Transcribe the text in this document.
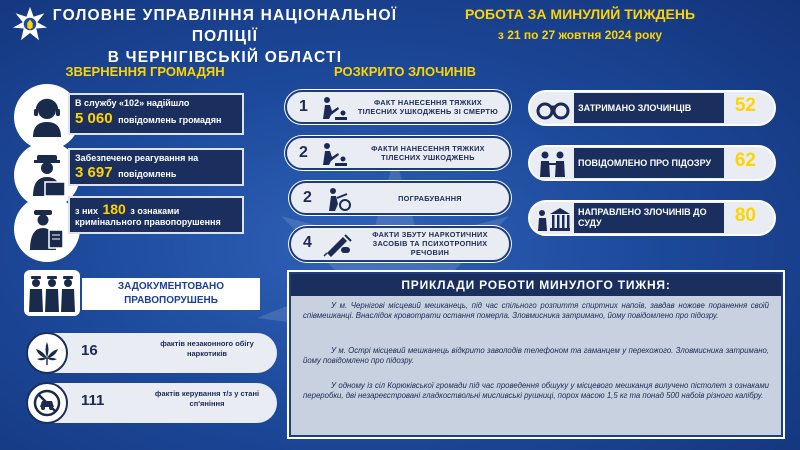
ГОЛОВНЕ УПРАВЛІННЯ НАЦІОНАЛЬНОЇ ПОЛІЦІЇ
В ЧЕРНІГІВСЬКІЙ ОБЛАСТІ
РОБОТА ЗА МИНУЛИЙ ТИЖДЕНЬ
з 21 по 27 жовтня 2024 року
ЗВЕРНЕННЯ ГРОМАДЯН
В службу «102» надійшло
5 060 повідомлень громадян
Забезпечено реагування на
3 697 повідомлень
з них 180 з ознаками
кримінального правопорушення
РОЗКРИТО ЗЛОЧИНІВ
1	ФАКТ НАНЕСЕННЯ ТЯЖКИХ ТІЛЕСНИХ УШКОДЖЕНЬ ЗІ СМЕРТЮ
2	ФАКТИ НАНЕСЕННЯ ТЯЖКИХ ТІЛЕСНИХ УШКОДЖЕНЬ
2	ПОГРАБУВАННЯ
4	ФАКТИ ЗБУТУ НАРКОТИЧНИХ ЗАСОБІВ ТА ПСИХОТРОПНИХ РЕЧОВИН
ЗАТРИМАНО ЗЛОЧИНЦІВ	52
ПОВІДОМЛЕНО ПРО ПІДОЗРУ	62
НАПРАВЛЕНО ЗЛОЧИНІВ ДО СУДУ	80
ЗАДОКУМЕНТОВАНО
ПРАВОПОРУШЕНЬ
16	фактів незаконного обігу наркотиків
111	фактів керування т/з у стані сп'яніння
ПРИКЛАДИ РОБОТИ МИНУЛОГО ТИЖНЯ:

У м. Чернігові місцевий мешканець, під час спільного розпиття спиртних напоїв, завдав ножове поранення своїй співмешканці. Внаслідок кровотрати остання померла. Зловмисника затримано, йому повідомлено про підозру.

У м. Острі місцевий мешканець відкрито заволодів телефоном та гаманцем у перехожого. Зловмисника затримано, йому повідомлено про підозру.

У одному із сіл Корюківської громади під час проведення обшуку у місцевого мешканця вилучено пістолет з ознаками переробки, дві незареєстровані гладкоствольні мисливські рушниці, порох масою 1,5 кг та понад 500 набоїв різного калібру.
